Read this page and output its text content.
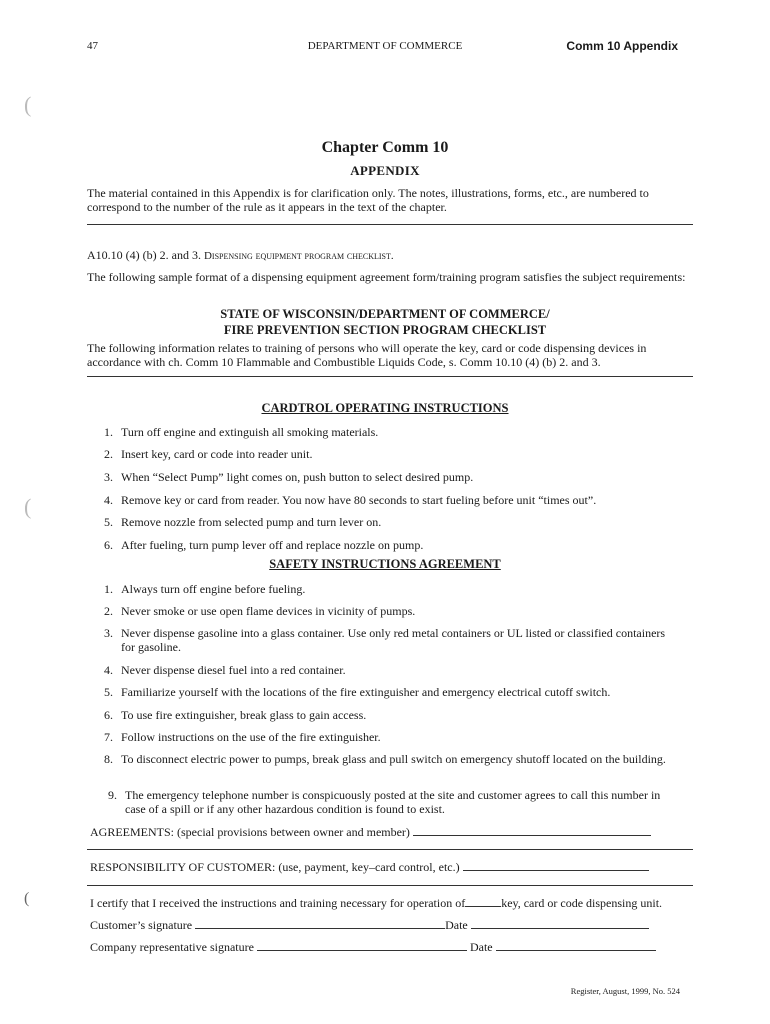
47	DEPARTMENT OF COMMERCE	Comm 10 Appendix
(
(
(
Chapter Comm 10
APPENDIX
The material contained in this Appendix is for clarification only. The notes, illustrations, forms, etc., are numbered to correspond to the number of the rule as it appears in the text of the chapter.
A10.10 (4) (b) 2. and 3. Dispensing equipment program checklist.
The following sample format of a dispensing equipment agreement form/training program satisfies the subject requirements:
STATE OF WISCONSIN/DEPARTMENT OF COMMERCE/
FIRE PREVENTION SECTION PROGRAM CHECKLIST
The following information relates to training of persons who will operate the key, card or code dispensing devices in accordance with ch. Comm 10 Flammable and Combustible Liquids Code, s. Comm 10.10 (4) (b) 2. and 3.
CARDTROL OPERATING INSTRUCTIONS
1. Turn off engine and extinguish all smoking materials.
2. Insert key, card or code into reader unit.
3. When “Select Pump” light comes on, push button to select desired pump.
4. Remove key or card from reader. You now have 80 seconds to start fueling before unit “times out”.
5. Remove nozzle from selected pump and turn lever on.
6. After fueling, turn pump lever off and replace nozzle on pump.
SAFETY INSTRUCTIONS AGREEMENT
1. Always turn off engine before fueling.
2. Never smoke or use open flame devices in vicinity of pumps.
3. Never dispense gasoline into a glass container. Use only red metal containers or UL listed or classified containers for gasoline.
4. Never dispense diesel fuel into a red container.
5. Familiarize yourself with the locations of the fire extinguisher and emergency electrical cutoff switch.
6. To use fire extinguisher, break glass to gain access.
7. Follow instructions on the use of the fire extinguisher.
8. To disconnect electric power to pumps, break glass and pull switch on emergency shutoff located on the building.
9. The emergency telephone number is conspicuously posted at the site and customer agrees to call this number in case of a spill or if any other hazardous condition is found to exist.
AGREEMENTS: (special provisions between owner and member)
RESPONSIBILITY OF CUSTOMER: (use, payment, key–card control, etc.)
I certify that I received the instructions and training necessary for operation of	key, card or code dispensing unit.
Customer’s signature	Date
Company representative signature	Date
Register, August, 1999, No. 524
